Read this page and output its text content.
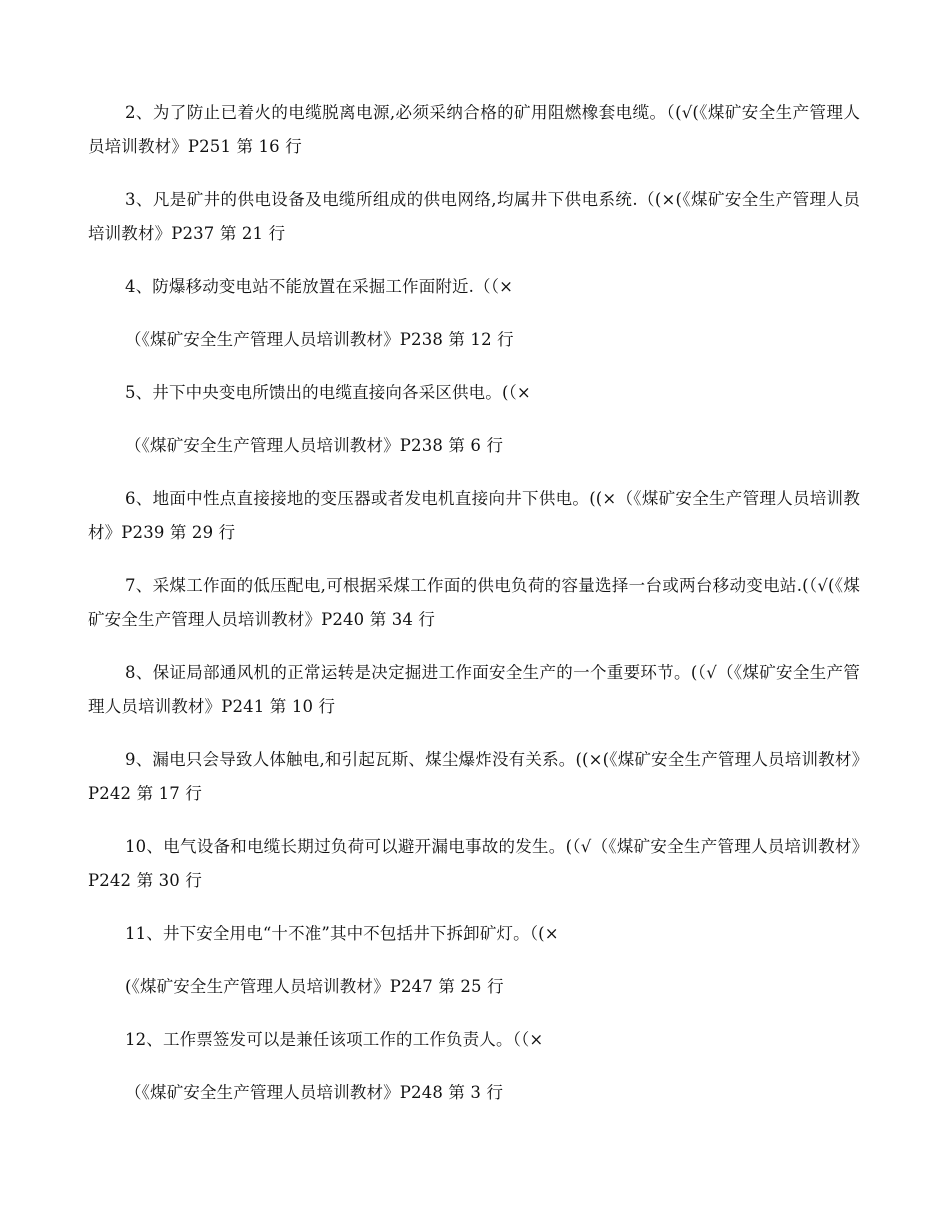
2、为了防止已着火的电缆脱离电源,必须采纳合格的矿用阻燃橡套电缆。（(√(《煤矿安全生产管理人员培训教材》P251 第 16 行

3、凡是矿井的供电设备及电缆所组成的供电网络,均属井下供电系统.（(×(《煤矿安全生产管理人员培训教材》P237 第 21 行

4、防爆移动变电站不能放置在采掘工作面附近.（（×

（《煤矿安全生产管理人员培训教材》P238 第 12 行

5、井下中央变电所馈出的电缆直接向各采区供电。(（×

（《煤矿安全生产管理人员培训教材》P238 第 6 行

6、地面中性点直接接地的变压器或者发电机直接向井下供电。((×（《煤矿安全生产管理人员培训教材》P239 第 29 行

7、采煤工作面的低压配电,可根据采煤工作面的供电负荷的容量选择一台或两台移动变电站.(（√(《煤矿安全生产管理人员培训教材》P240 第 34 行

8、保证局部通风机的正常运转是决定掘进工作面安全生产的一个重要环节。(（√（《煤矿安全生产管理人员培训教材》P241 第 10 行

9、漏电只会导致人体触电,和引起瓦斯、煤尘爆炸没有关系。((×(《煤矿安全生产管理人员培训教材》P242 第 17 行

10、电气设备和电缆长期过负荷可以避开漏电事故的发生。(（√（《煤矿安全生产管理人员培训教材》P242 第 30 行

11、井下安全用电“十不准”其中不包括井下拆卸矿灯。（(×

(《煤矿安全生产管理人员培训教材》P247 第 25 行

12、工作票签发可以是兼任该项工作的工作负责人。（（×

（《煤矿安全生产管理人员培训教材》P248 第 3 行
